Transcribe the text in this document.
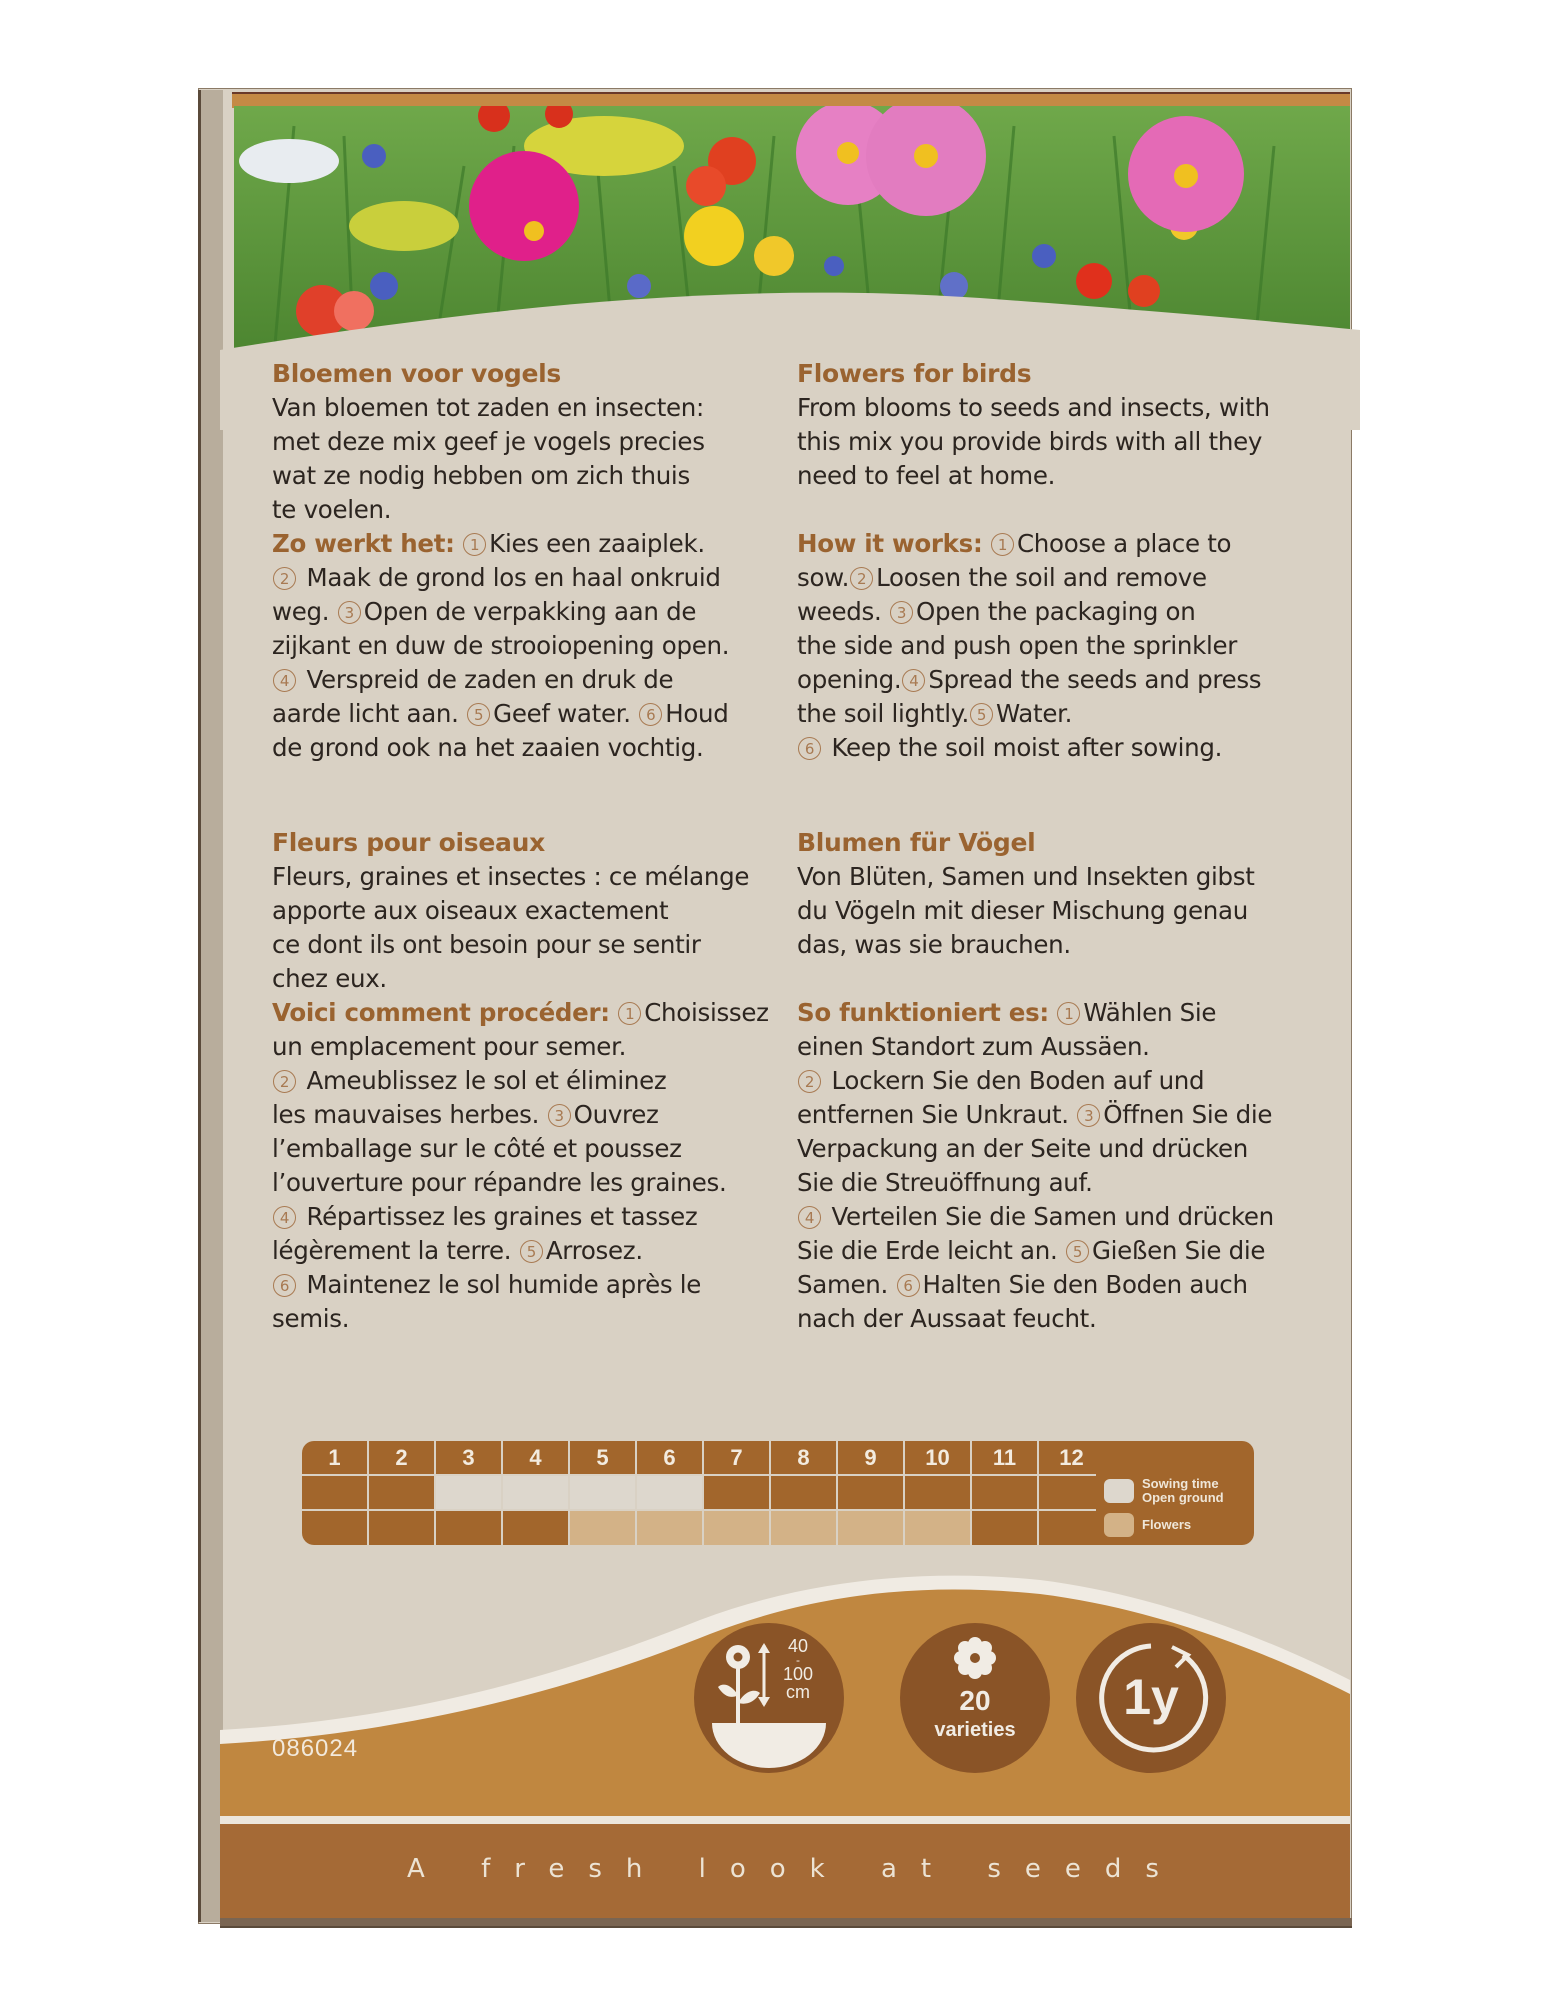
Bloemen voor vogels

Van bloemen tot zaden en insecten:
met deze mix geef je vogels precies
wat ze nodig hebben om zich thuis
te voelen.

Zo werkt het: 1 Kies een zaaiplek.
2 Maak de grond los en haal onkruid
weg. 3 Open de verpakking aan de
zijkant en duw de strooiopening open.
4 Verspreid de zaden en druk de
aarde licht aan. 5 Geef water. 6 Houd
de grond ook na het zaaien vochtig.

Flowers for birds

From blooms to seeds and insects, with
this mix you provide birds with all they
need to feel at home.

How it works: 1 Choose a place to
sow. 2 Loosen the soil and remove
weeds. 3 Open the packaging on
the side and push open the sprinkler
opening. 4 Spread the seeds and press
the soil lightly. 5 Water.
6 Keep the soil moist after sowing.

Fleurs pour oiseaux

Fleurs, graines et insectes : ce mélange
apporte aux oiseaux exactement
ce dont ils ont besoin pour se sentir
chez eux.

Voici comment procéder: 1 Choisissez
un emplacement pour semer.
2 Ameublissez le sol et éliminez
les mauvaises herbes. 3 Ouvrez
l’emballage sur le côté et poussez
l’ouverture pour répandre les graines.
4 Répartissez les graines et tassez
légèrement la terre. 5 Arrosez.
6 Maintenez le sol humide après le
semis.

Blumen für Vögel

Von Blüten, Samen und Insekten gibst
du Vögeln mit dieser Mischung genau
das, was sie brauchen.

So funktioniert es: 1 Wählen Sie
einen Standort zum Aussäen.
2 Lockern Sie den Boden auf und
entfernen Sie Unkraut. 3 Öffnen Sie die
Verpackung an der Seite und drücken
Sie die Streuöffnung auf.
4 Verteilen Sie die Samen und drücken
Sie die Erde leicht an. 5 Gießen Sie die
Samen. 6 Halten Sie den Boden auch
nach der Aussaat feucht.

1	2	3	4	5	6	7	8	9	10	11	12
Sowing time
Open ground
Flowers
40
-
100
cm	20
varieties
1y
086024
A fresh look at seeds
